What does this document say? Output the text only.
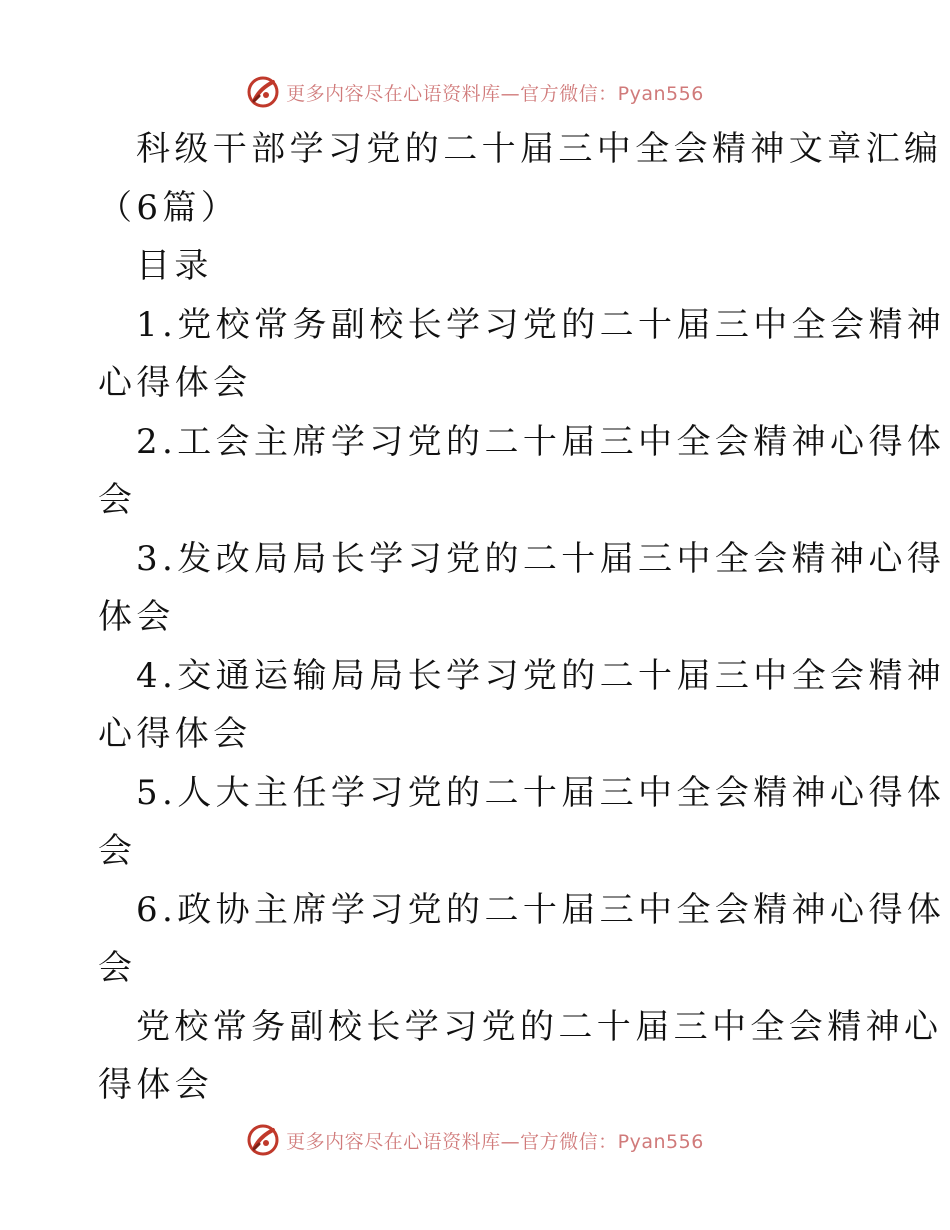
更多内容尽在心语资料库—官方微信：Pyan556
科级干部学习党的二十届三中全会精神文章汇编
（6篇）
目录
1.党校常务副校长学习党的二十届三中全会精神
心得体会
2.工会主席学习党的二十届三中全会精神心得体
会
3.发改局局长学习党的二十届三中全会精神心得
体会
4.交通运输局局长学习党的二十届三中全会精神
心得体会
5.人大主任学习党的二十届三中全会精神心得体
会
6.政协主席学习党的二十届三中全会精神心得体
会
党校常务副校长学习党的二十届三中全会精神心
得体会
更多内容尽在心语资料库—官方微信：Pyan556
